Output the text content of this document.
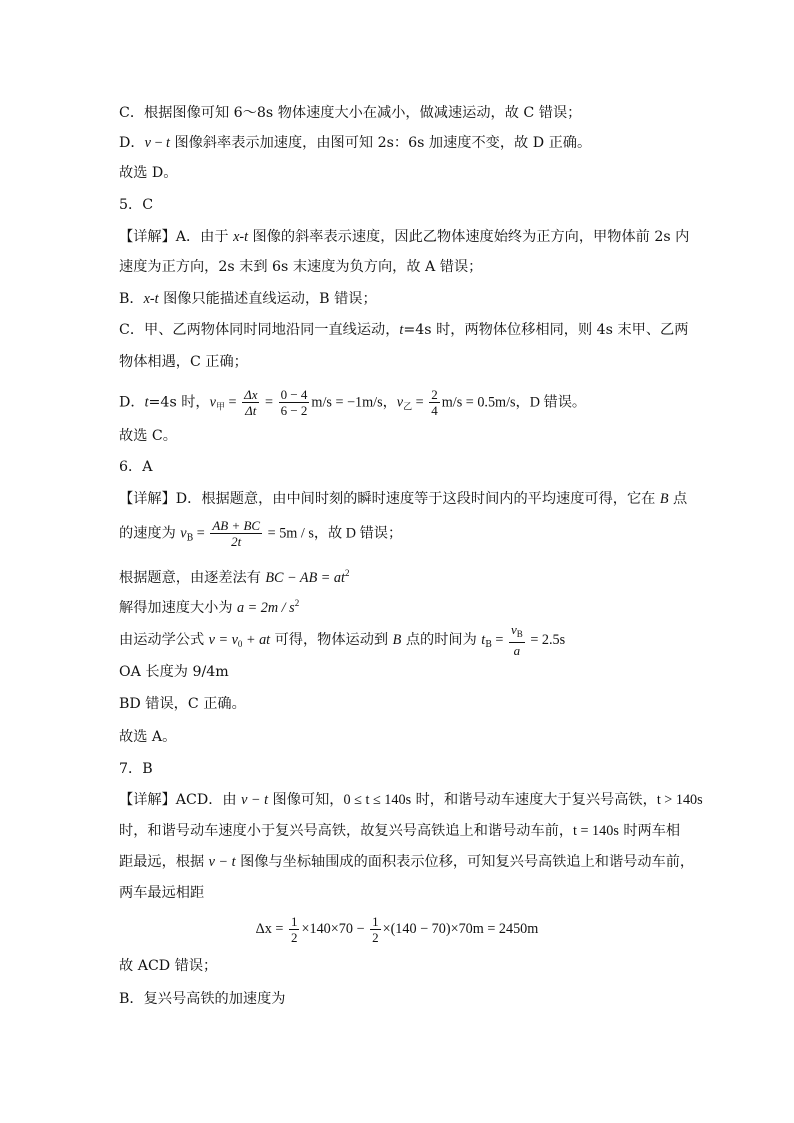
C．根据图像可知 6～8s 物体速度大小在减小，做减速运动，故 C 错误；
D．v − t 图像斜率表示加速度，由图可知 2s：6s 加速度不变，故 D 正确。
故选 D。
5．C
【详解】A．由于 x-t 图像的斜率表示速度，因此乙物体速度始终为正方向，甲物体前 2s 内
速度为正方向，2s 末到 6s 末速度为负方向，故 A 错误；
B．x-t 图像只能描述直线运动，B 错误；
C．甲、乙两物体同时同地沿同一直线运动，t=4s 时，两物体位移相同，则 4s 末甲、乙两
物体相遇，C 正确；
D．t=4s 时，$v_甲 = \frac{\Delta x}{\Delta t} = \frac{0 - 4}{6 - 2} m/s = -1m/s$，$v_乙 = \frac{2}{4} m/s = 0.5m/s$，D 错误。
故选 C。
6．A
【详解】D．根据题意，由中间时刻的瞬时速度等于这段时间内的平均速度可得，它在 B 点
的速度为 $v_B = \frac{AB + BC}{2t} = 5m / s$，故 D 错误；
根据题意，由逐差法有 BC − AB = $at^2$
解得加速度大小为 $a = 2m / s^2$
由运动学公式 $v = v_0$ + at 可得，物体运动到 B 点的时间为 $t_B = \frac{v_B}{a} = 2.5s$
OA 长度为 9/4m
BD 错误，C 正确。
故选 A。
7．B
【详解】ACD．由 v − t 图像可知，0 ≤ t ≤ 140s 时，和谐号动车速度大于复兴号高铁，t > 140s
时，和谐号动车速度小于复兴号高铁，故复兴号高铁追上和谐号动车前，t = 140s 时两车相
距最远，根据 v − t 图像与坐标轴围成的面积表示位移，可知复兴号高铁追上和谐号动车前，
两车最远相距
$\Delta x = \frac{1}{2} \times 140\times 70 - \frac{1}{2} \times(140 - 70)\times 70m = 2450m$
故 ACD 错误；
B．复兴号高铁的加速度为
